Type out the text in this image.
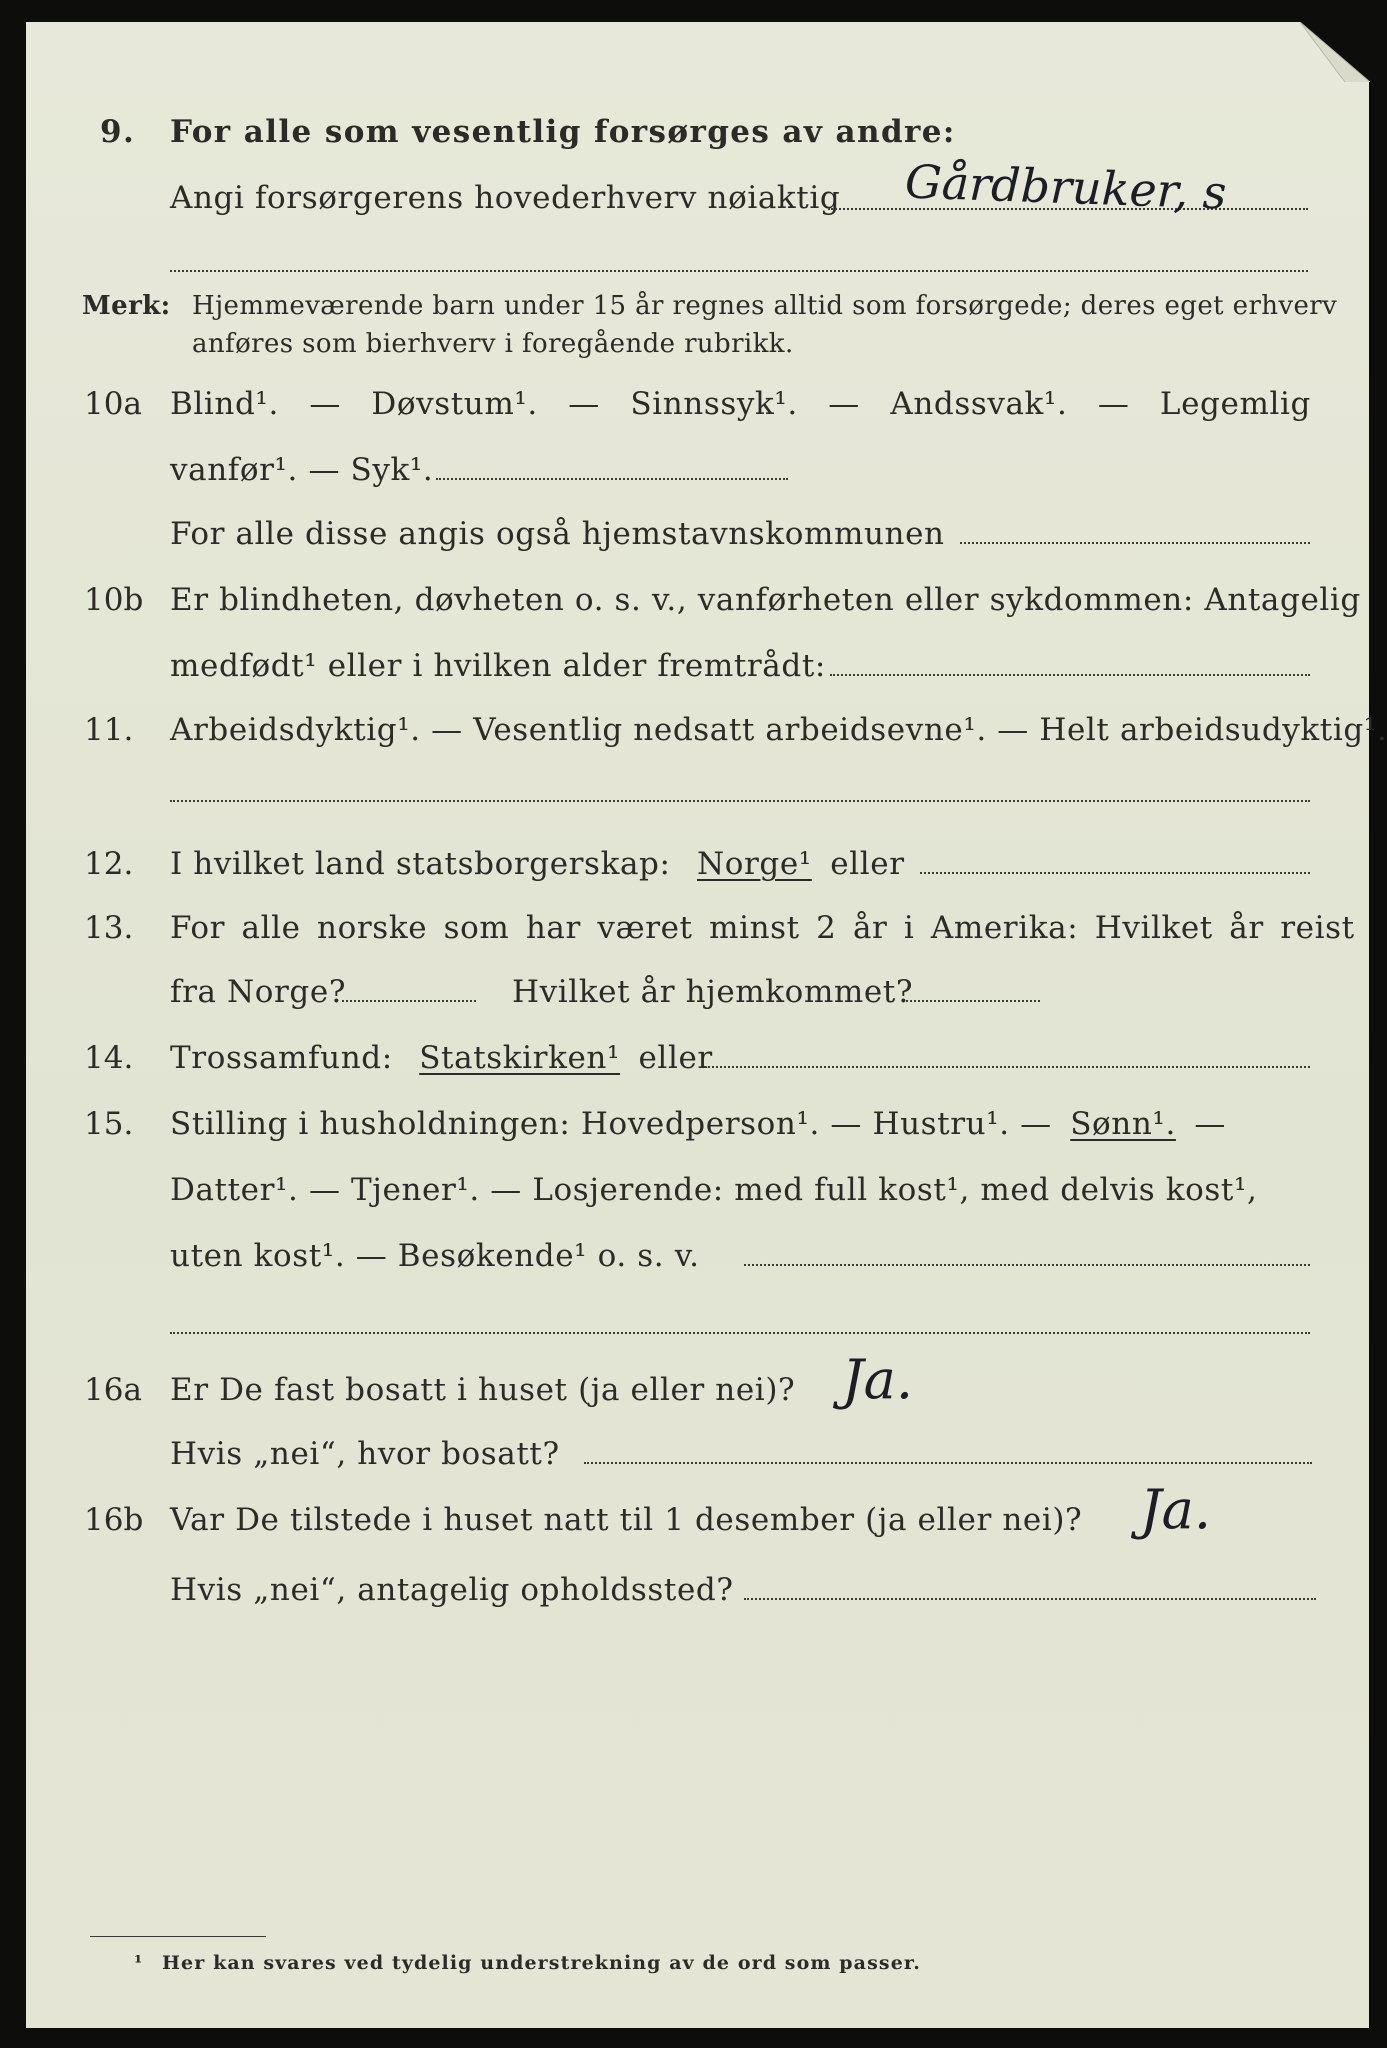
9. For alle som vesentlig forsørges av andre:
Angi forsørgerens hovederhverv nøiaktig Gårdbruker, s
Merk: Hjemmeværende barn under 15 år regnes alltid som forsørgede; deres eget erhverv
anføres som bierhverv i foregående rubrikk.
10a Blind¹. — Døvstum¹. — Sinnssyk¹. — Andssvak¹. — Legemlig
vanfør¹. — Syk¹.
For alle disse angis også hjemstavnskommunen
10b Er blindheten, døvheten o. s. v., vanførheten eller sykdommen: Antagelig
medfødt¹ eller i hvilken alder fremtrådt:
11. Arbeidsdyktig¹. — Vesentlig nedsatt arbeidsevne¹. — Helt arbeidsudyktig¹.
12. I hvilket land statsborgerskap: Norge¹ eller
13. For alle norske som har været minst 2 år i Amerika: Hvilket år reist
fra Norge?	Hvilket år hjemkommet?
14. Trossamfund: Statskirken¹ eller
15. Stilling i husholdningen: Hovedperson¹. — Hustru¹. — Sønn¹. —
Datter¹. — Tjener¹. — Losjerende: med full kost¹, med delvis kost¹,
uten kost¹. — Besøkende¹ o. s. v.
16a Er De fast bosatt i huset (ja eller nei)? Ja.
Hvis „nei“, hvor bosatt?
16b Var De tilstede i huset natt til 1 desember (ja eller nei)? Ja.
Hvis „nei“, antagelig opholdssted?
¹ Her kan svares ved tydelig understrekning av de ord som passer.
